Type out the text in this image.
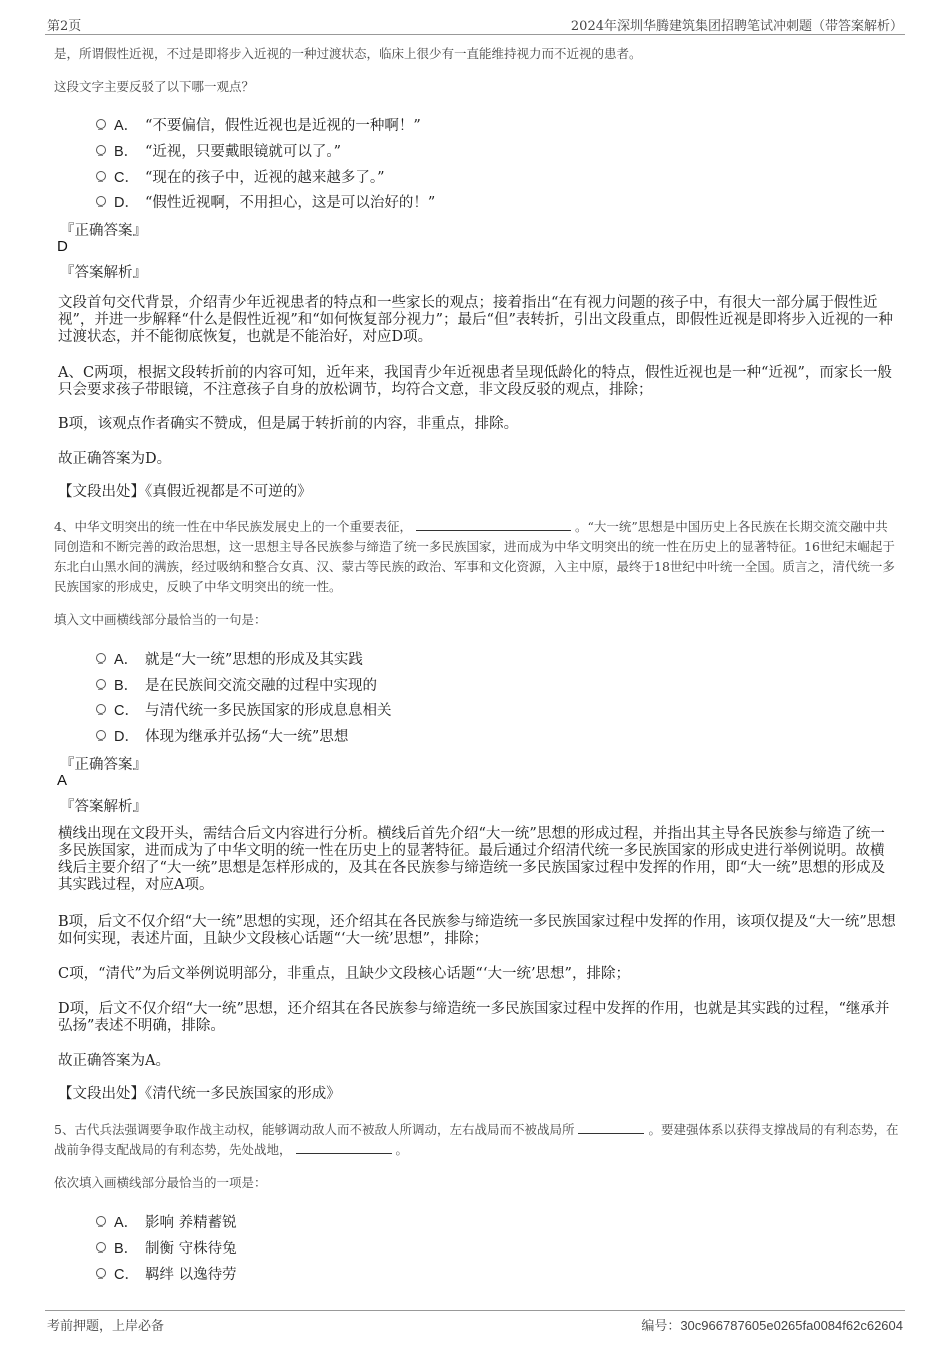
第2页	2024年深圳华腾建筑集团招聘笔试冲刺题（带答案解析）

是，所谓假性近视，不过是即将步入近视的一种过渡状态，临床上很少有一直能维持视力而不近视的患者。

这段文字主要反驳了以下哪一观点？

A． “不要偏信，假性近视也是近视的一种啊！”
B． “近视，只要戴眼镜就可以了。”
C． “现在的孩子中，近视的越来越多了。”
D． “假性近视啊，不用担心，这是可以治好的！”
『正确答案』
D
『答案解析』

文段首句交代背景，介绍青少年近视患者的特点和一些家长的观点；接着指出“在有视力问题的孩子中，有很大一部分属于假性近视”，并进一步解释“什么是假性近视”和“如何恢复部分视力”；最后“但”表转折，引出文段重点，即假性近视是即将步入近视的一种过渡状态，并不能彻底恢复，也就是不能治好，对应D项。

A、C两项，根据文段转折前的内容可知，近年来，我国青少年近视患者呈现低龄化的特点，假性近视也是一种“近视”，而家长一般只会要求孩子带眼镜，不注意孩子自身的放松调节，均符合文意，非文段反驳的观点，排除；

B项，该观点作者确实不赞成，但是属于转折前的内容，非重点，排除。

故正确答案为D。

【文段出处】《真假近视都是不可逆的》

4、中华文明突出的统一性在中华民族发展史上的一个重要表征，	。“大一统”思想是中国历史上各民族在长期交流交融中共同创造和不断完善的政治思想，这一思想主导各民族参与缔造了统一多民族国家，进而成为中华文明突出的统一性在历史上的显著特征。16世纪末崛起于东北白山黑水间的满族，经过吸纳和整合女真、汉、蒙古等民族的政治、军事和文化资源，入主中原，最终于18世纪中叶统一全国。质言之，清代统一多民族国家的形成史，反映了中华文明突出的统一性。

填入文中画横线部分最恰当的一句是：

A． 就是“大一统”思想的形成及其实践
B． 是在民族间交流交融的过程中实现的
C． 与清代统一多民族国家的形成息息相关
D． 体现为继承并弘扬“大一统”思想
『正确答案』
A
『答案解析』

横线出现在文段开头，需结合后文内容进行分析。横线后首先介绍“大一统”思想的形成过程，并指出其主导各民族参与缔造了统一多民族国家，进而成为了中华文明的统一性在历史上的显著特征。最后通过介绍清代统一多民族国家的形成史进行举例说明。故横线后主要介绍了“大一统”思想是怎样形成的，及其在各民族参与缔造统一多民族国家过程中发挥的作用，即“大一统”思想的形成及其实践过程，对应A项。

B项，后文不仅介绍“大一统”思想的实现，还介绍其在各民族参与缔造统一多民族国家过程中发挥的作用，该项仅提及“大一统”思想如何实现，表述片面，且缺少文段核心话题“‘大一统’思想”，排除；

C项，“清代”为后文举例说明部分，非重点，且缺少文段核心话题“‘大一统’思想”，排除；

D项，后文不仅介绍“大一统”思想，还介绍其在各民族参与缔造统一多民族国家过程中发挥的作用，也就是其实践的过程，“继承并弘扬”表述不明确，排除。

故正确答案为A。

【文段出处】《清代统一多民族国家的形成》

5、古代兵法强调要争取作战主动权，能够调动敌人而不被敌人所调动，左右战局而不被战局所	。要建强体系以获得支撑战局的有利态势，在战前争得支配战局的有利态势，先处战地，	。

依次填入画横线部分最恰当的一项是：

A． 影响 养精蓄锐
B． 制衡 守株待兔
C． 羁绊 以逸待劳
考前押题，上岸必备	编号：30c966787605e0265fa0084f62c62604
